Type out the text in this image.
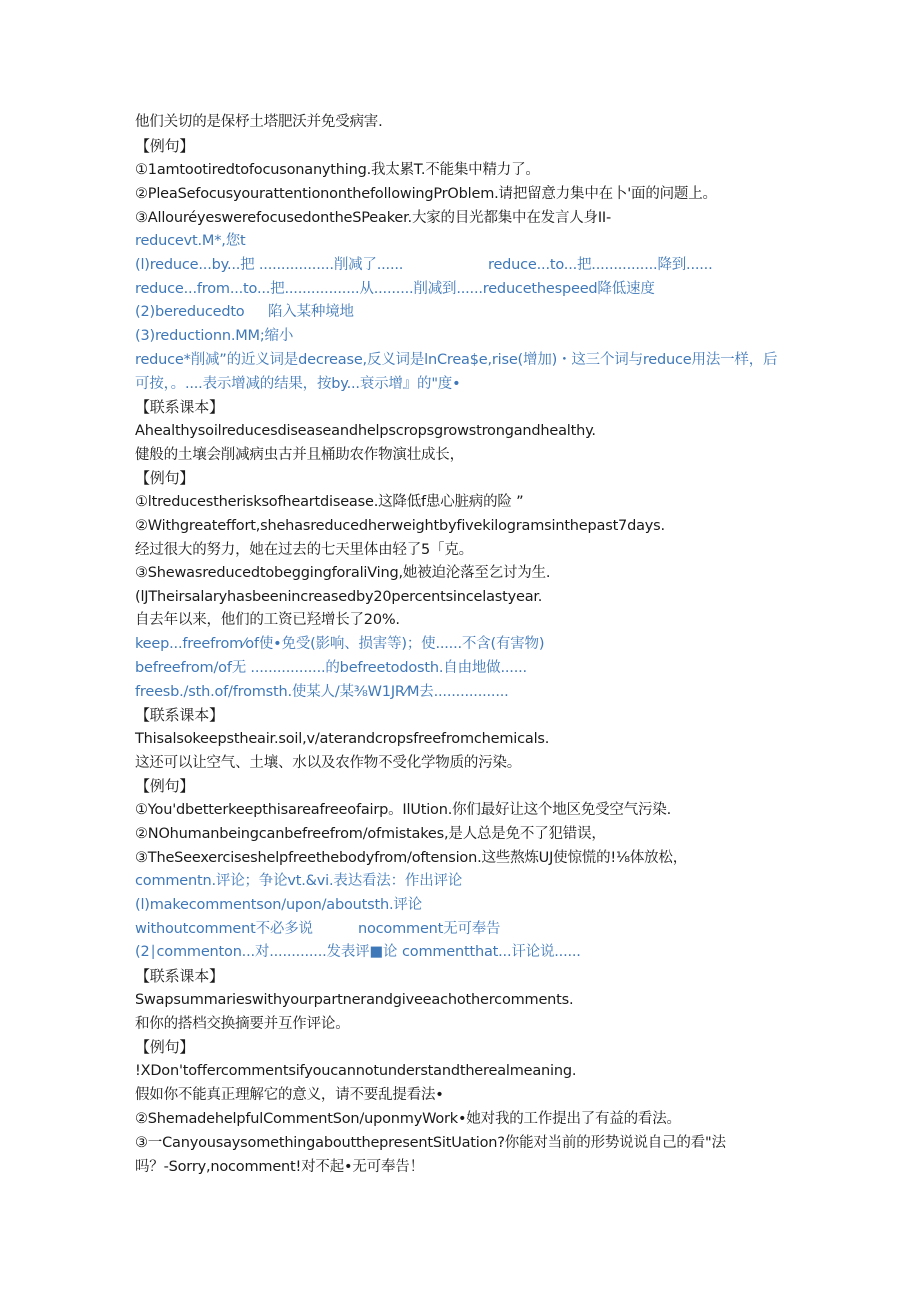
他们关切的是保杼土塔肥沃并免受病害.
【例句】
①1amtootiredtofocusonanything.我太累T.不能集中精力了。
②PleaSefocusyourattentiononthefollowingPrOblem.请把留意力集中在卜'面的问题上。
③AllouréyeswerefocusedontheSPeaker.大家的目光都集中在发言人身II-
reducevt.M*,您t
(l)reduce...by...把 .................削减了......	reduce...to...把...............降到......
reduce...from...to...把.................从.........削减到......reducethespeed降低速度
(2)bereducedto 陷入某种境地
(3)reductionn.MM;缩小
reduce*削减”的近义词是decrease,反义词是lnCrea$e,rise(增加)・这三个词与reduce用法一样，后
可按，。....表示增减的结果，按by...衰示增』的"度•
【联系课本】
Ahealthysoilreducesdiseaseandhelpscropsgrowstrongandhealthy.
健般的土壤会削减病虫古并且桶助农作物演壮成长，
【例句】
①ltreducestherisksofheartdisease.这降低f患心脏病的险 ”
②Withgreateffort,shehasreducedherweightbyfivekilogramsinthepast7days.
经过很大的努力，她在过去的七天里体由轻了5「克。
③ShewasreducedtobeggingforaliVing,她被迫沦落至乞讨为生.
(lJTheirsalaryhasbeenincreasedby20percentsincelastyear.
自去年以来，他们的工资已羟增长了20%.
keep...freefrom⁄of使•免受(影响、损害等)；使......不含(有害物)
befreefrom/of无 .................的befreetodosth.自由地做......
freesb./sth.of/fromsth.使某人/某⅜W1JR⁄M去.................
【联系课本】
Thisalsokeepstheair.soil,v/aterandcropsfreefromchemicals.
这还可以让空气、土壤、水以及农作物不受化学物质的污染。
【例句】
①You'dbetterkeepthisareafreeofairp。IlUtion.你们最好让这个地区免受空气污染.
②NOhumanbeingcanbefreefrom/ofmistakes,是人总是免不了犯错误，
③TheSeexerciseshelpfreethebodyfrom/oftension.这些熬炼UJ使惊慌的!⅛体放松，
commentn.评论；争论vt.&vi.表达看法：作出评论
(l)makecommentson/upon/aboutsth.评论
withoutcomment不必多说	nocomment无可奉告
(2∣commenton...对.............发表评■论 commentthat...讦论说......
【联系课本】
Swapsummarieswithyourpartnerandgiveeachothercomments.
和你的搭档交换摘要并互作评论。
【例句】
!XDon'toffercommentsifyoucannotunderstandtherealmeaning.
假如你不能真正理解它的意义，请不要乱提看法•
②ShemadehelpfulCommentSon/uponmyWork•她对我的工作提出了有益的看法。
③一CanyousaysomethingaboutthepresentSitUation?你能对当前的形势说说自己的看"法
吗？-Sorry,nocomment!对不起•无可奉告！
